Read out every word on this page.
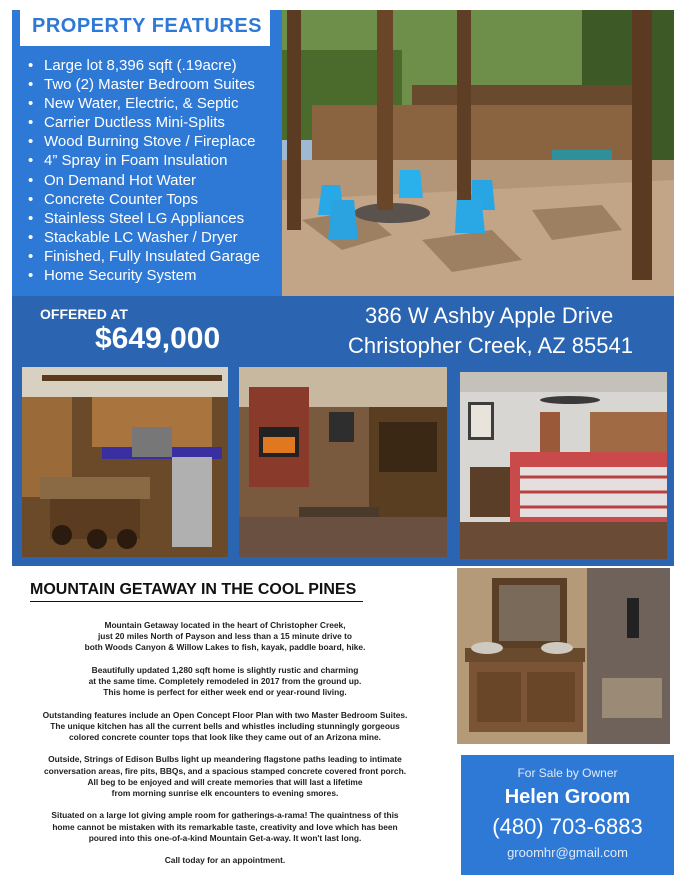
PROPERTY FEATURES
• Large lot 8,396 sqft (.19acre)
• Two (2) Master Bedroom Suites
• New Water, Electric, & Septic
• Carrier Ductless Mini-Splits
• Wood Burning Stove / Fireplace
• 4” Spray in Foam Insulation
• On Demand Hot Water
• Concrete Counter Tops
• Stainless Steel LG Appliances
• Stackable LC Washer / Dryer
• Finished, Fully Insulated Garage
• Home Security System
OFFERED AT
$649,000
386 W Ashby Apple Drive
Christopher Creek, AZ 85541
MOUNTAIN GETAWAY IN THE COOL PINES

Mountain Getaway located in the heart of Christopher Creek,
just 20 miles North of Payson and less than a 15 minute drive to
both Woods Canyon & Willow Lakes to fish, kayak, paddle board, hike.

Beautifully updated 1,280 sqft home is slightly rustic and charming
at the same time. Completely remodeled in 2017 from the ground up.
This home is perfect for either week end or year-round living.

Outstanding features include an Open Concept Floor Plan with two Master Bedroom Suites.
The unique kitchen has all the current bells and whistles including stunningly gorgeous
colored concrete counter tops that look like they came out of an Arizona mine.

Outside, Strings of Edison Bulbs light up meandering flagstone paths leading to intimate
conversation areas, fire pits, BBQs, and a spacious stamped concrete covered front porch.
All beg to be enjoyed and will create memories that will last a lifetime
from morning sunrise elk encounters to evening smores.

Situated on a large lot giving ample room for gatherings-a-rama! The quaintness of this
home cannot be mistaken with its remarkable taste, creativity and love which has been
poured into this one-of-a-kind Mountain Get-a-way. It won't last long.

Call today for an appointment.

For Sale by Owner
Helen Groom
(480) 703-6883
groomhr@gmail.com
